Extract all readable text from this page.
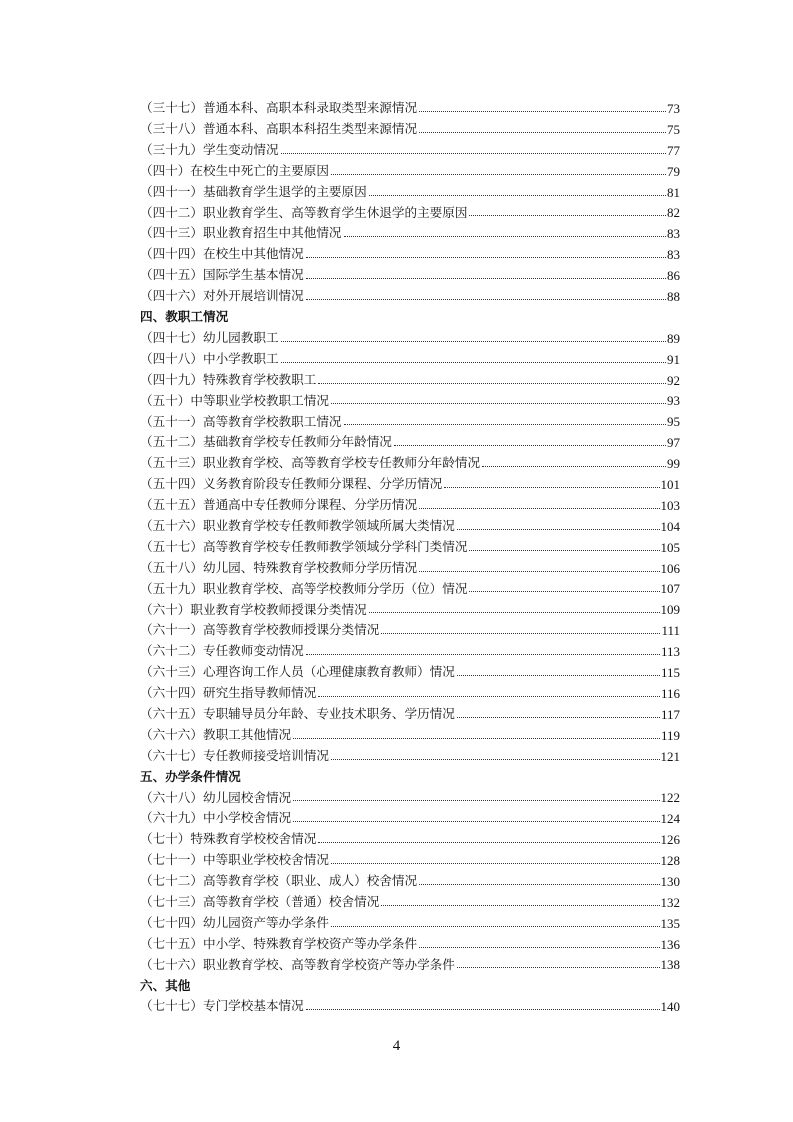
（三十七）普通本科、高职本科录取类型来源情况	73
（三十八）普通本科、高职本科招生类型来源情况	75
（三十九）学生变动情况	77
（四十）在校生中死亡的主要原因	79
（四十一）基础教育学生退学的主要原因	81
（四十二）职业教育学生、高等教育学生休退学的主要原因	82
（四十三）职业教育招生中其他情况	83
（四十四）在校生中其他情况	83
（四十五）国际学生基本情况	86
（四十六）对外开展培训情况	88
四、教职工情况
（四十七）幼儿园教职工	89
（四十八）中小学教职工	91
（四十九）特殊教育学校教职工	92
（五十）中等职业学校教职工情况	93
（五十一）高等教育学校教职工情况	95
（五十二）基础教育学校专任教师分年龄情况	97
（五十三）职业教育学校、高等教育学校专任教师分年龄情况	99
（五十四）义务教育阶段专任教师分课程、分学历情况	101
（五十五）普通高中专任教师分课程、分学历情况	103
（五十六）职业教育学校专任教师教学领域所属大类情况	104
（五十七）高等教育学校专任教师教学领域分学科门类情况	105
（五十八）幼儿园、特殊教育学校教师分学历情况	106
（五十九）职业教育学校、高等学校教师分学历（位）情况	107
（六十）职业教育学校教师授课分类情况	109
（六十一）高等教育学校教师授课分类情况	111
（六十二）专任教师变动情况	113
（六十三）心理咨询工作人员（心理健康教育教师）情况	115
（六十四）研究生指导教师情况	116
（六十五）专职辅导员分年龄、专业技术职务、学历情况	117
（六十六）教职工其他情况	119
（六十七）专任教师接受培训情况	121
五、办学条件情况
（六十八）幼儿园校舍情况	122
（六十九）中小学校舍情况	124
（七十）特殊教育学校校舍情况	126
（七十一）中等职业学校校舍情况	128
（七十二）高等教育学校（职业、成人）校舍情况	130
（七十三）高等教育学校（普通）校舍情况	132
（七十四）幼儿园资产等办学条件	135
（七十五）中小学、特殊教育学校资产等办学条件	136
（七十六）职业教育学校、高等教育学校资产等办学条件	138
六、其他
（七十七）专门学校基本情况	140
4
